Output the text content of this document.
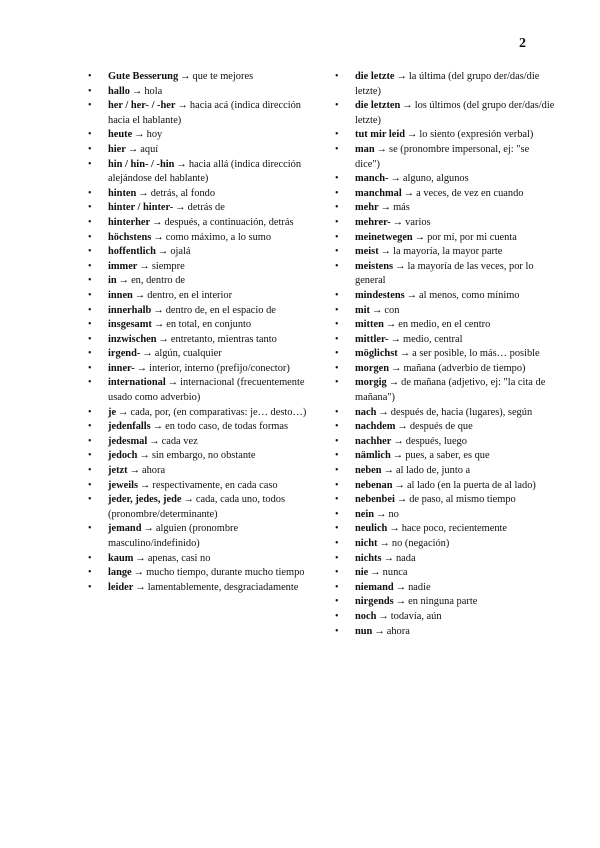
2
• Gute Besserung → que te mejores
• hallo → hola
• her / her- / -her → hacia acá (indica dirección hacia el hablante)
• heute → hoy
• hier → aquí
• hin / hin- / -hin → hacia allá (indica dirección alejándose del hablante)
• hinten → detrás, al fondo
• hinter / hinter- → detrás de
• hinterher → después, a continuación, detrás
• höchstens → como máximo, a lo sumo
• hoffentlich → ojalá
• immer → siempre
• in → en, dentro de
• innen → dentro, en el interior
• innerhalb → dentro de, en el espacio de
• insgesamt → en total, en conjunto
• inzwischen → entretanto, mientras tanto
• irgend- → algún, cualquier
• inner- → interior, interno (prefijo/conector)
• international → internacional (frecuentemente usado como adverbio)
• je → cada, por, (en comparativas: je… desto…)
• jedenfalls → en todo caso, de todas formas
• jedesmal → cada vez
• jedoch → sin embargo, no obstante
• jetzt → ahora
• jeweils → respectivamente, en cada caso
• jeder, jedes, jede → cada, cada uno, todos (pronombre/determinante)
• jemand → alguien (pronombre masculino/indefinido)
• kaum → apenas, casi no
• lange → mucho tiempo, durante mucho tiempo
• leider → lamentablemente, desgraciadamente
• die letzte → la última (del grupo der/das/die letzte)
• die letzten → los últimos (del grupo der/das/die letzte)
• tut mir leid → lo siento (expresión verbal)
• man → se (pronombre impersonal, ej: "se dice")
• manch- → alguno, algunos
• manchmal → a veces, de vez en cuando
• mehr → más
• mehrer- → varios
• meinetwegen → por mí, por mi cuenta
• meist → la mayoría, la mayor parte
• meistens → la mayoría de las veces, por lo general
• mindestens → al menos, como mínimo
• mit → con
• mitten → en medio, en el centro
• mittler- → medio, central
• möglichst → a ser posible, lo más… posible
• morgen → mañana (adverbio de tiempo)
• morgig → de mañana (adjetivo, ej: "la cita de mañana")
• nach → después de, hacia (lugares), según
• nachdem → después de que
• nachher → después, luego
• nämlich → pues, a saber, es que
• neben → al lado de, junto a
• nebenan → al lado (en la puerta de al lado)
• nebenbei → de paso, al mismo tiempo
• nein → no
• neulich → hace poco, recientemente
• nicht → no (negación)
• nichts → nada
• nie → nunca
• niemand → nadie
• nirgends → en ninguna parte
• noch → todavía, aún
• nun → ahora
